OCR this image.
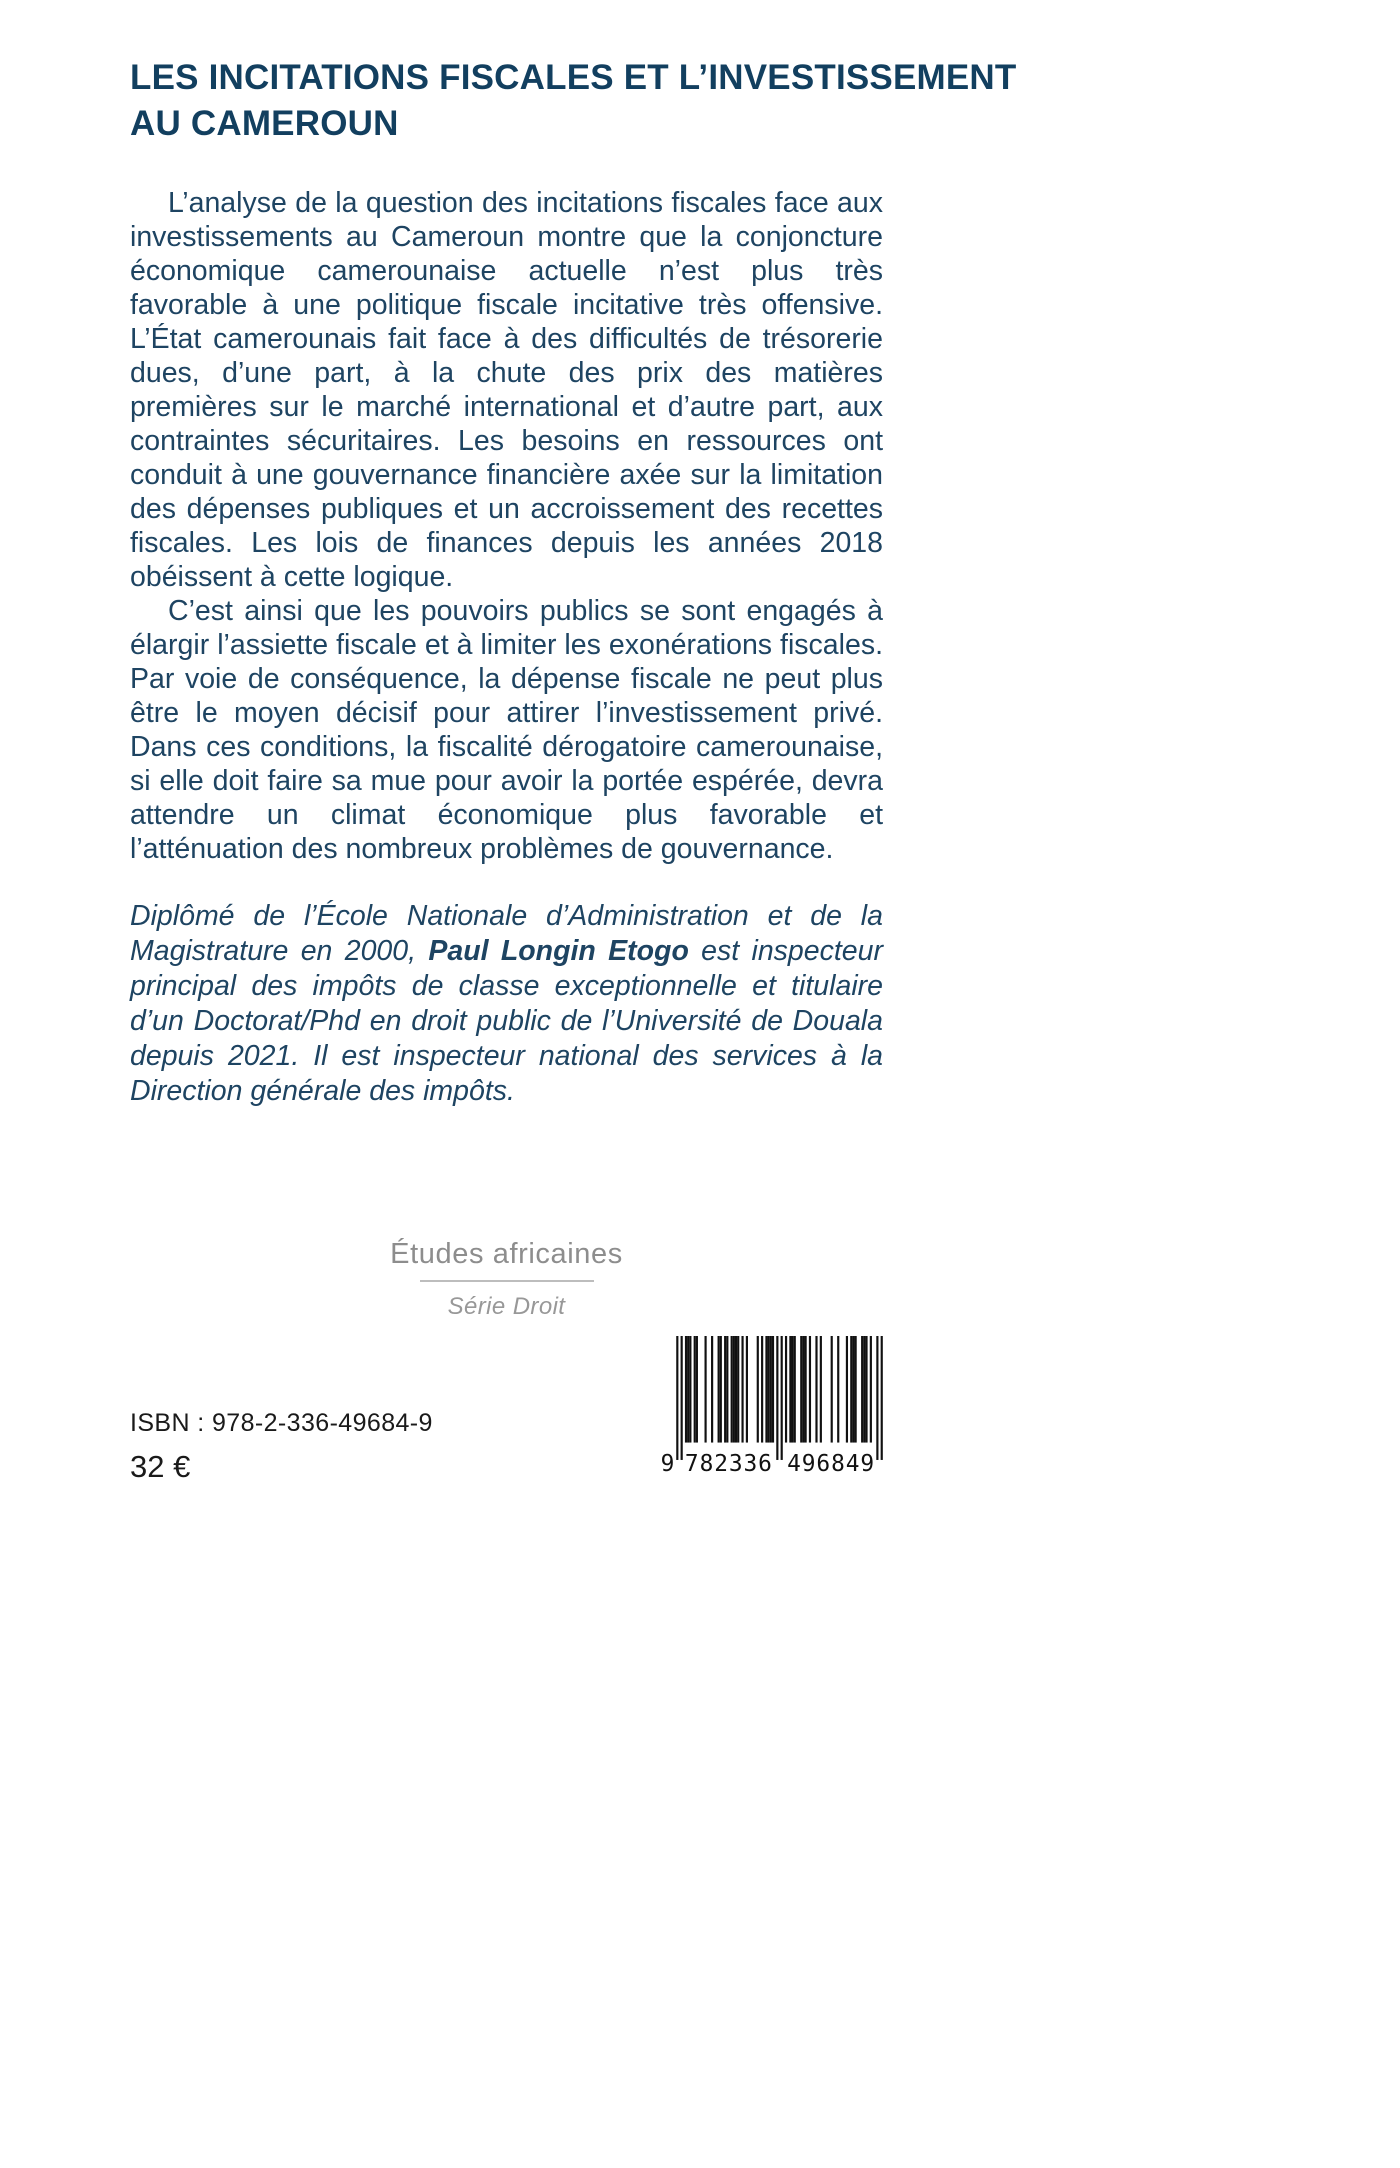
LES INCITATIONS FISCALES ET L’INVESTISSEMENT
AU CAMEROUN

L’analyse de la question des incitations fiscales face aux investissements au Cameroun montre que la conjoncture économique camerounaise actuelle n’est plus très favorable à une politique fiscale incitative très offensive. L’État camerounais fait face à des difficultés de trésorerie dues, d’une part, à la chute des prix des matières premières sur le marché international et d’autre part, aux contraintes sécuritaires. Les besoins en ressources ont conduit à une gouvernance financière axée sur la limitation des dépenses publiques et un accroissement des recettes fiscales. Les lois de finances depuis les années 2018 obéissent à cette logique.

C’est ainsi que les pouvoirs publics se sont engagés à élargir l’assiette fiscale et à limiter les exonérations fiscales. Par voie de conséquence, la dépense fiscale ne peut plus être le moyen décisif pour attirer l’investissement privé. Dans ces conditions, la fiscalité dérogatoire camerounaise, si elle doit faire sa mue pour avoir la portée espérée, devra attendre un climat économique plus favorable et l’atténuation des nombreux problèmes de gouvernance.

Diplômé de l’École Nationale d’Administration et de la Magistrature en 2000, Paul Longin Etogo est inspecteur principal des impôts de classe exceptionnelle et titulaire d’un Doctorat/Phd en droit public de l’Université de Douala depuis 2021. Il est inspecteur national des services à la Direction générale des impôts.

Études africaines
Série Droit
ISBN : 978-2-336-49684-9
32 €	9 782336 496849
